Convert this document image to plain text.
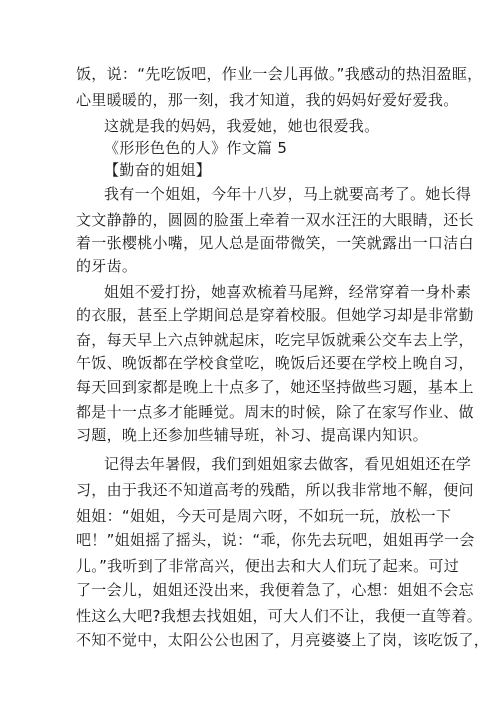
饭，说：“先吃饭吧，作业一会儿再做。”我感动的热泪盈眶，
心里暖暖的，那一刻，我才知道，我的妈妈好爱好爱我。
这就是我的妈妈，我爱她，她也很爱我。
《形形色色的人》作文篇 5
【勤奋的姐姐】
我有一个姐姐，今年十八岁，马上就要高考了。她长得
文文静静的，圆圆的脸蛋上牵着一双水汪汪的大眼睛，还长
着一张樱桃小嘴，见人总是面带微笑，一笑就露出一口洁白
的牙齿。
姐姐不爱打扮，她喜欢梳着马尾辫，经常穿着一身朴素
的衣服，甚至上学期间总是穿着校服。但她学习却是非常勤
奋，每天早上六点钟就起床，吃完早饭就乘公交车去上学，
午饭、晚饭都在学校食堂吃，晚饭后还要在学校上晚自习，
每天回到家都是晚上十点多了，她还坚持做些习题，基本上
都是十一点多才能睡觉。周末的时候，除了在家写作业、做
习题，晚上还参加些辅导班，补习、提高课内知识。
记得去年暑假，我们到姐姐家去做客，看见姐姐还在学
习，由于我还不知道高考的残酷，所以我非常地不解，便问
姐姐：“姐姐，今天可是周六呀，不如玩一玩，放松一下
吧！”姐姐摇了摇头，说：“乖，你先去玩吧，姐姐再学一会
儿。”我听到了非常高兴，便出去和大人们玩了起来。可过
了一会儿，姐姐还没出来，我便着急了，心想：姐姐不会忘
性这么大吧?我想去找姐姐，可大人们不让，我便一直等着。
不知不觉中，太阳公公也困了，月亮婆婆上了岗，该吃饭了，
